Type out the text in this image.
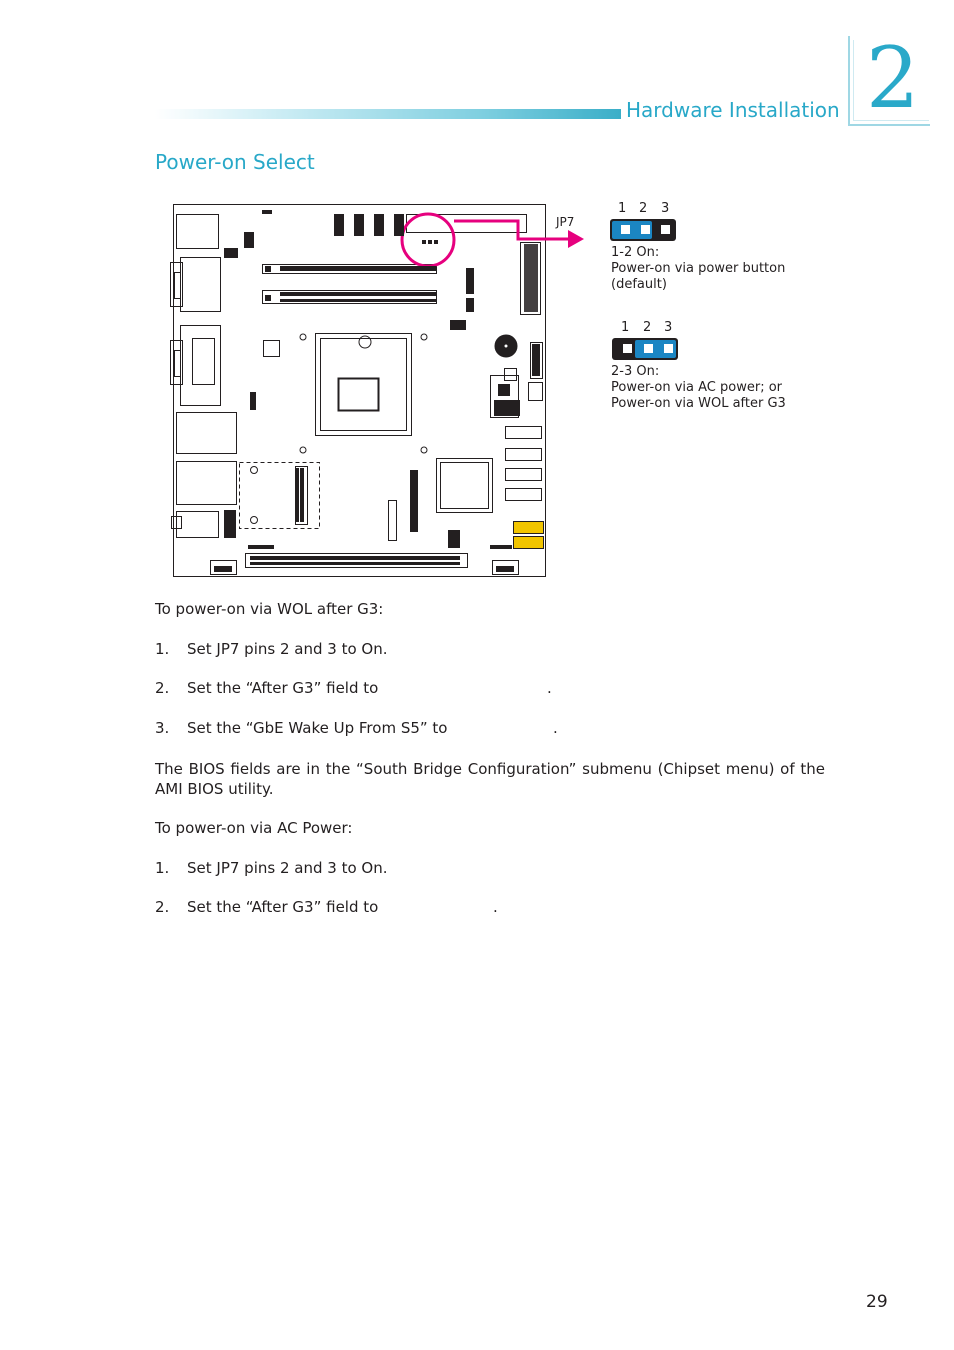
Hardware Installation 2
Power-on Select
JP7
1 2 3
1-2 On:
Power-on via power button
(default)
1 2 3
2-3 On:
Power-on via AC power; or
Power-on via WOL after G3
To power-on via WOL after G3:
1. Set JP7 pins 2 and 3 to On.
2. Set the “After G3” field to	.
3. Set the “GbE Wake Up From S5” to	.
The BIOS fields are in the “South Bridge Configuration” submenu (Chipset menu) of the AMI BIOS utility.
To power-on via AC Power:
1. Set JP7 pins 2 and 3 to On.
2. Set the “After G3” field to	.
29
